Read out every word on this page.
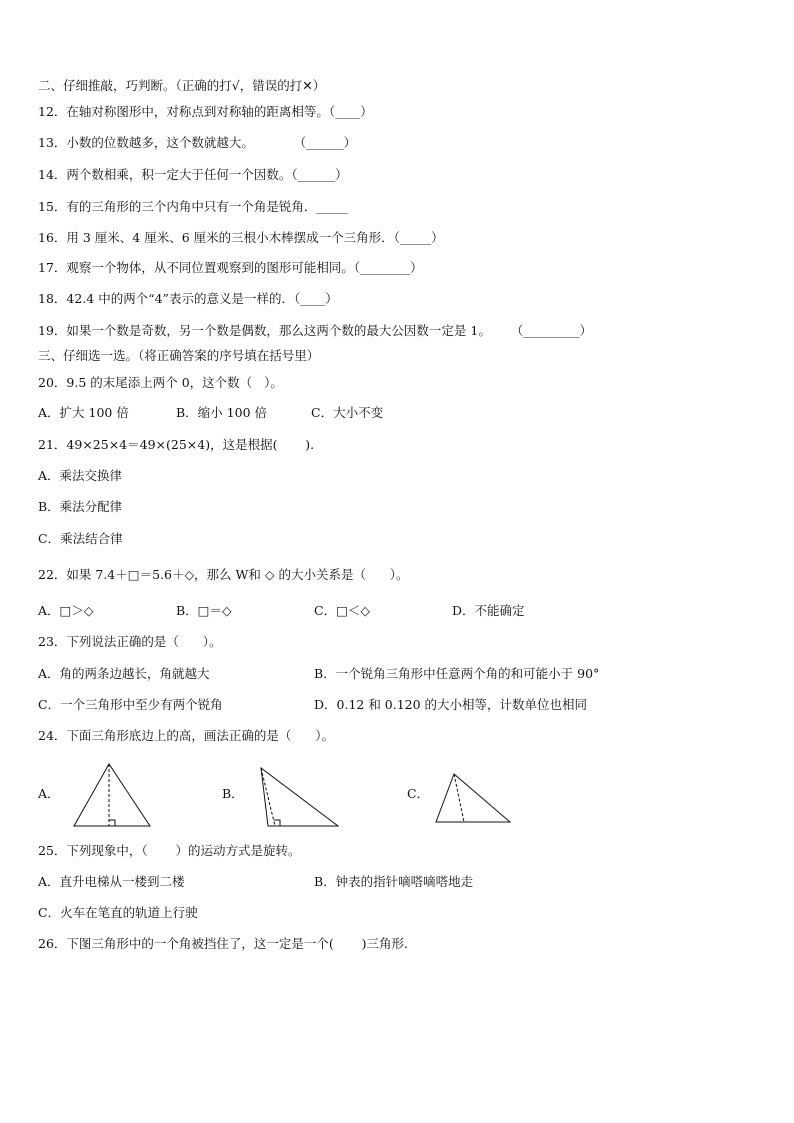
二、仔细推敲，巧判断。（正确的打√，错误的打✕）
12．在轴对称图形中，对称点到对称轴的距离相等。（____）
13．小数的位数越多，这个数就越大。          （______）
14．两个数相乘，积一定大于任何一个因数。（______）
15．有的三角形的三个内角中只有一个角是锐角．_____
16．用 3 厘米、4 厘米、6 厘米的三根小木棒摆成一个三角形．（_____）
17．观察一个物体，从不同位置观察到的图形可能相同。（________）
18．42.4 中的两个“4”表示的意义是一样的．（____）
19．如果一个数是奇数，另一个数是偶数，那么这两个数的最大公因数一定是 1。     （_________）
三、仔细选一选。（将正确答案的序号填在括号里）
20．9.5 的末尾添上两个 0，这个数（   ）。
A．扩大 100 倍	B．缩小 100 倍	C．大小不变
21．49×25×4＝49×(25×4)，这是根据(       ).
A．乘法交换律
B．乘法分配律
C．乘法结合律
22．如果 7.4＋□＝5.6＋◇，那么 W和 ◇ 的大小关系是（      ）。
A．□＞◇	B．□＝◇	C．□＜◇	D．不能确定
23．下列说法正确的是（      ）。
A．角的两条边越长，角就越大	B．一个锐角三角形中任意两个角的和可能小于 90°
C．一个三角形中至少有两个锐角	D．0.12 和 0.120 的大小相等，计数单位也相同
24．下面三角形底边上的高，画法正确的是（      ）。
A．	B．	C．
25．下列现象中，（       ）的运动方式是旋转。
A．直升电梯从一楼到二楼	B．钟表的指针嘀嗒嘀嗒地走
C．火车在笔直的轨道上行驶
26．下图三角形中的一个角被挡住了，这一定是一个(       )三角形.
